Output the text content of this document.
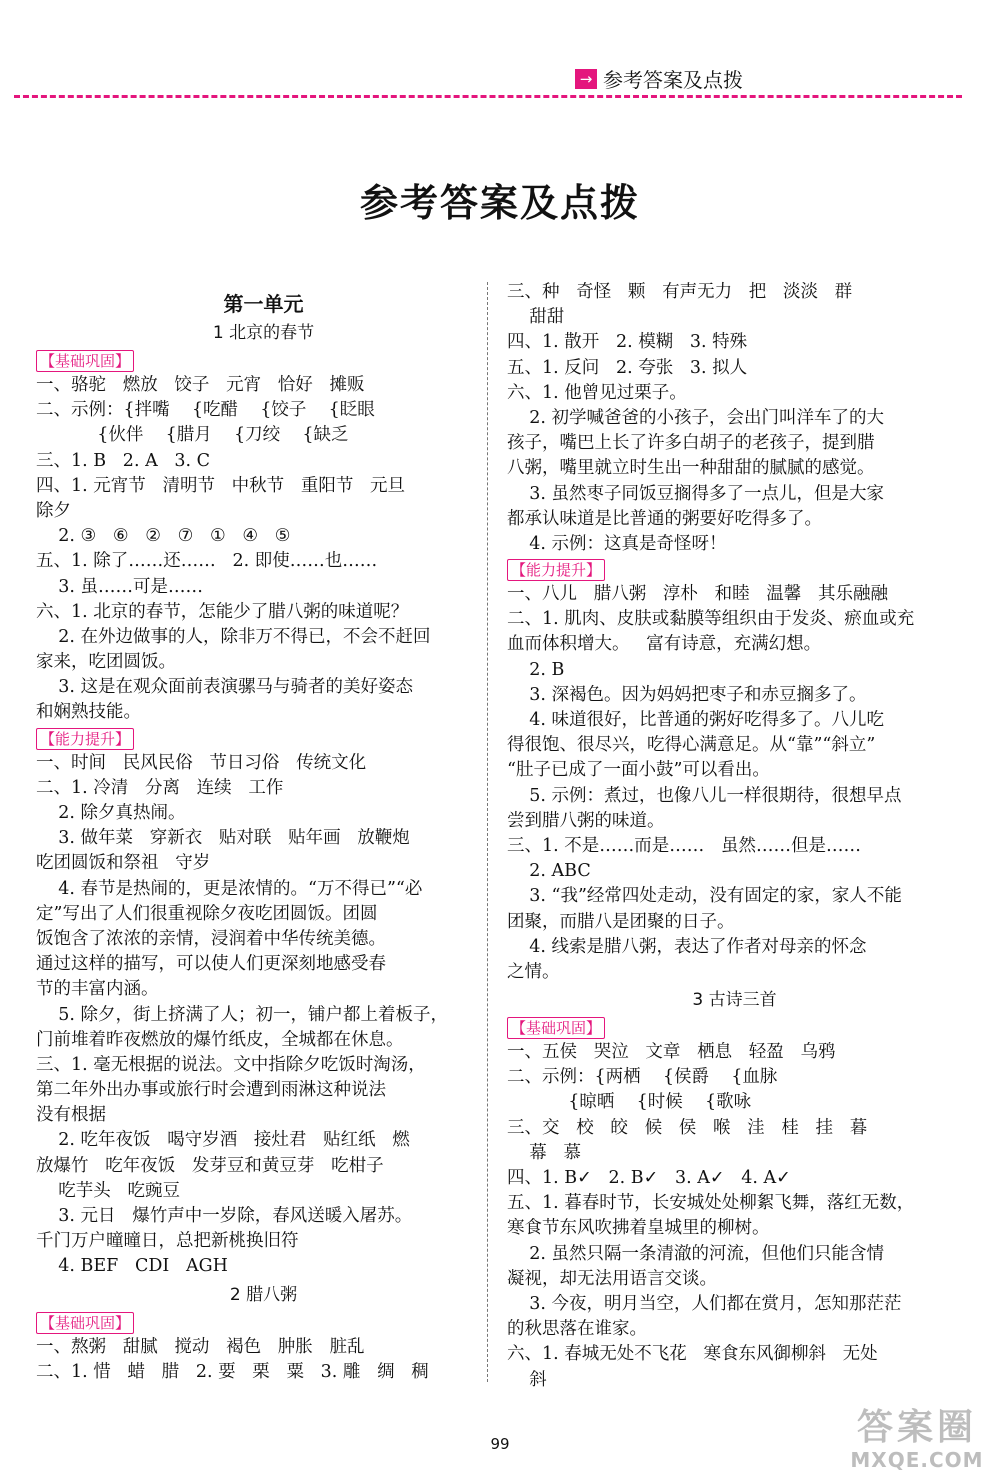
→ 参考答案及点拨
参考答案及点拨
第一单元
1 北京的春节
【基础巩固】
一、骆驼   燃放   饺子   元宵   恰好   摊贩
二、示例：{拌嘴    {吃醋    {饺子    {眨眼
{伙伴    {腊月    {刀绞    {缺乏
三、1. B   2. A   3. C
四、1. 元宵节   清明节   中秋节   重阳节   元旦
除夕
2. ③   ⑥   ②   ⑦   ①   ④   ⑤
五、1. 除了……还……   2. 即使……也……
3. 虽……可是……
六、1. 北京的春节，怎能少了腊八粥的味道呢？
2. 在外边做事的人，除非万不得已，不会不赶回
家来，吃团圆饭。
3. 这是在观众面前表演骡马与骑者的美好姿态
和娴熟技能。
【能力提升】
一、时间   民风民俗   节日习俗   传统文化
二、1. 冷清   分离   连续   工作
2. 除夕真热闹。
3. 做年菜   穿新衣   贴对联   贴年画   放鞭炮
吃团圆饭和祭祖   守岁
4. 春节是热闹的，更是浓情的。“万不得已”“必
定”写出了人们很重视除夕夜吃团圆饭。团圆
饭饱含了浓浓的亲情，浸润着中华传统美德。
通过这样的描写，可以使人们更深刻地感受春
节的丰富内涵。
5. 除夕，街上挤满了人；初一，铺户都上着板子，
门前堆着昨夜燃放的爆竹纸皮，全城都在休息。
三、1. 毫无根据的说法。文中指除夕吃饭时淘汤，
第二年外出办事或旅行时会遭到雨淋这种说法
没有根据
2. 吃年夜饭   喝守岁酒   接灶君   贴红纸   燃
放爆竹   吃年夜饭   发芽豆和黄豆芽   吃柑子
吃芋头   吃豌豆
3. 元日   爆竹声中一岁除，春风送暖入屠苏。
千门万户曈曈日，总把新桃换旧符
4. BEF   CDI   AGH
2 腊八粥
【基础巩固】
一、熬粥   甜腻   搅动   褐色   肿胀   脏乱
二、1. 惜   蜡   腊   2. 要   栗   粟   3. 雕   绸   稠
三、种   奇怪   颗   有声无力   把   淡淡   群
甜甜
四、1. 散开   2. 模糊   3. 特殊
五、1. 反问   2. 夸张   3. 拟人
六、1. 他曾见过栗子。
2. 初学喊爸爸的小孩子，会出门叫洋车了的大
孩子，嘴巴上长了许多白胡子的老孩子，提到腊
八粥，嘴里就立时生出一种甜甜的腻腻的感觉。
3. 虽然枣子同饭豆搁得多了一点儿，但是大家
都承认味道是比普通的粥要好吃得多了。
4. 示例：这真是奇怪呀！
【能力提升】
一、八儿   腊八粥   淳朴   和睦   温馨   其乐融融
二、1. 肌肉、皮肤或黏膜等组织由于发炎、瘀血或充
血而体积增大。   富有诗意，充满幻想。
2. B
3. 深褐色。因为妈妈把枣子和赤豆搁多了。
4. 味道很好，比普通的粥好吃得多了。八儿吃
得很饱、很尽兴，吃得心满意足。从“靠”“斜立”
“肚子已成了一面小鼓”可以看出。
5. 示例：煮过，也像八儿一样很期待，很想早点
尝到腊八粥的味道。
三、1. 不是……而是……   虽然……但是……
2. ABC
3. “我”经常四处走动，没有固定的家，家人不能
团聚，而腊八是团聚的日子。
4. 线索是腊八粥，表达了作者对母亲的怀念
之情。
3 古诗三首
【基础巩固】
一、五侯   哭泣   文章   栖息   轻盈   乌鸦
二、示例：{两栖    {侯爵    {血脉
{晾晒    {时候    {歌咏
三、交   校   皎   候   侯   喉   洼   桂   挂   暮
幕   慕
四、1. B✓   2. B✓   3. A✓   4. A✓
五、1. 暮春时节，长安城处处柳絮飞舞，落红无数，
寒食节东风吹拂着皇城里的柳树。
2. 虽然只隔一条清澈的河流，但他们只能含情
凝视，却无法用语言交谈。
3. 今夜，明月当空，人们都在赏月，怎知那茫茫
的秋思落在谁家。
六、1. 春城无处不飞花   寒食东风御柳斜   无处
斜
99	答案圈
MXQE.COM
